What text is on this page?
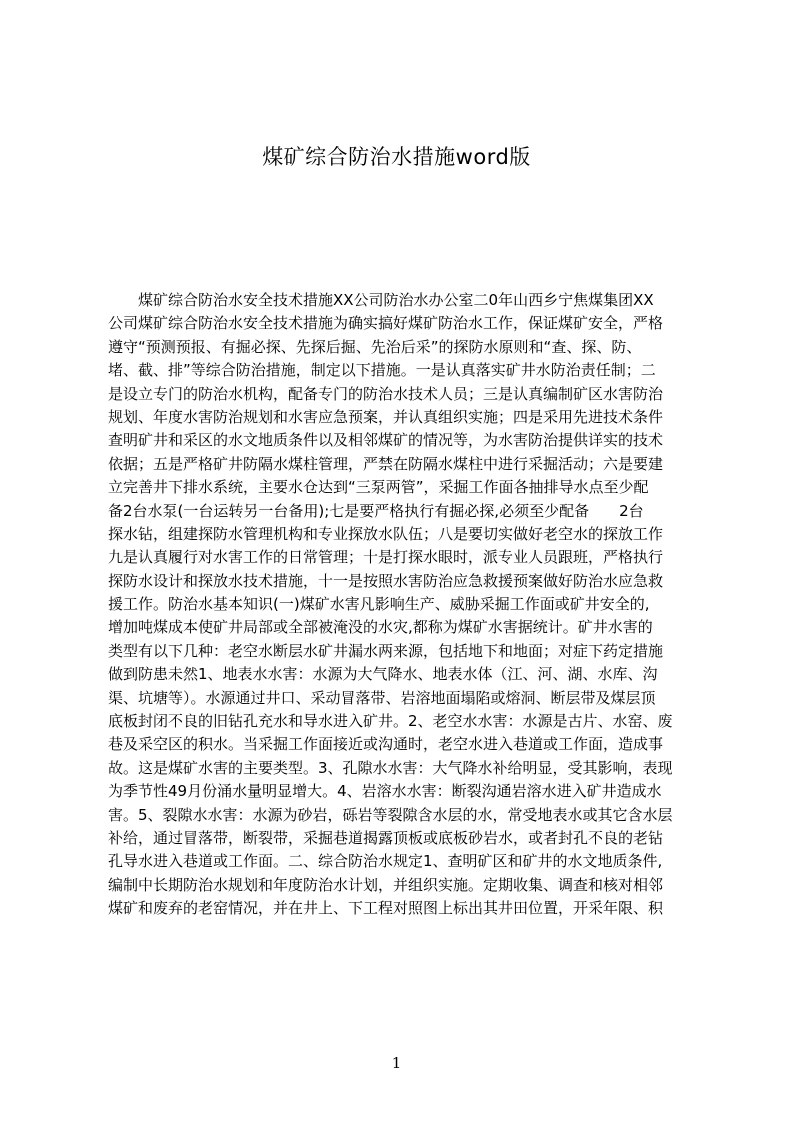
煤矿综合防治水措施word版
　　煤矿综合防治水安全技术措施XX公司防治水办公室二0年山西乡宁焦煤集团XX
公司煤矿综合防治水安全技术措施为确实搞好煤矿防治水工作，保证煤矿安全，严格
遵守“预测预报、有掘必探、先探后掘、先治后采”的探防水原则和“查、探、防、
堵、截、排”等综合防治措施，制定以下措施。一是认真落实矿井水防治责任制；二
是设立专门的防治水机构，配备专门的防治水技术人员；三是认真编制矿区水害防治
规划、年度水害防治规划和水害应急预案，并认真组织实施；四是采用先进技术条件
查明矿井和采区的水文地质条件以及相邻煤矿的情况等，为水害防治提供详实的技术
依据；五是严格矿井防隔水煤柱管理，严禁在防隔水煤柱中进行采掘活动；六是要建
立完善井下排水系统，主要水仓达到“三泵两管”，采掘工作面各抽排导水点至少配
备2台水泵(一台运转另一台备用);七是要严格执行有掘必探,必须至少配备　　2台
探水钻，组建探防水管理机构和专业探放水队伍；八是要切实做好老空水的探放工作
九是认真履行对水害工作的日常管理；十是打探水眼时，派专业人员跟班，严格执行
探防水设计和探放水技术措施，十一是按照水害防治应急救援预案做好防治水应急救
援工作。防治水基本知识(一)煤矿水害凡影响生产、威胁采掘工作面或矿井安全的,
增加吨煤成本使矿井局部或全部被淹没的水灾,都称为煤矿水害据统计。矿井水害的
类型有以下几种：老空水断层水矿井漏水两来源，包括地下和地面；对症下药定措施
做到防患未然1、地表水水害：水源为大气降水、地表水体（江、河、湖、水库、沟
渠、坑塘等）。水源通过井口、采动冒落带、岩溶地面塌陷或熔洞、断层带及煤层顶
底板封闭不良的旧钻孔充水和导水进入矿井。2、老空水水害：水源是古片、水窑、废
巷及采空区的积水。当采掘工作面接近或沟通时，老空水进入巷道或工作面，造成事
故。这是煤矿水害的主要类型。3、孔隙水水害：大气降水补给明显，受其影响，表现
为季节性49月份涌水量明显增大。4、岩溶水水害：断裂沟通岩溶水进入矿井造成水
害。5、裂隙水水害：水源为砂岩，砾岩等裂隙含水层的水，常受地表水或其它含水层
补给，通过冒落带，断裂带，采掘巷道揭露顶板或底板砂岩水，或者封孔不良的老钻
孔导水进入巷道或工作面。二、综合防治水规定1、查明矿区和矿井的水文地质条件,
编制中长期防治水规划和年度防治水计划，并组织实施。定期收集、调查和核对相邻
煤矿和废弃的老窑情况，并在井上、下工程对照图上标出其井田位置，开采年限、积
1
